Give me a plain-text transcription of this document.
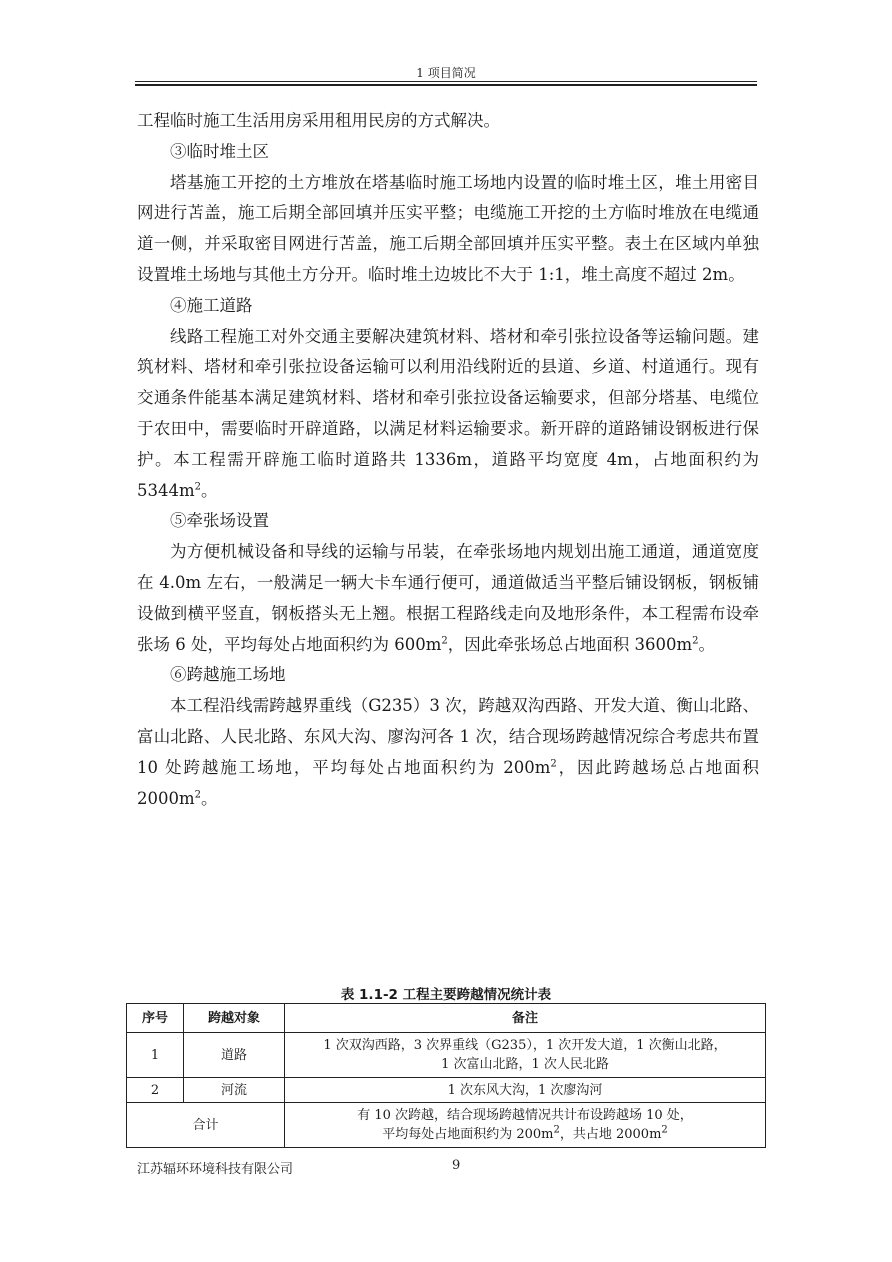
1 项目简况

工程临时施工生活用房采用租用民房的方式解决。

③临时堆土区

塔基施工开挖的土方堆放在塔基临时施工场地内设置的临时堆土区，堆土用密目网进行苫盖，施工后期全部回填并压实平整；电缆施工开挖的土方临时堆放在电缆通道一侧，并采取密目网进行苫盖，施工后期全部回填并压实平整。表土在区域内单独设置堆土场地与其他土方分开。临时堆土边坡比不大于 1:1，堆土高度不超过 2m。

④施工道路

线路工程施工对外交通主要解决建筑材料、塔材和牵引张拉设备等运输问题。建筑材料、塔材和牵引张拉设备运输可以利用沿线附近的县道、乡道、村道通行。现有交通条件能基本满足建筑材料、塔材和牵引张拉设备运输要求，但部分塔基、电缆位于农田中，需要临时开辟道路，以满足材料运输要求。新开辟的道路铺设钢板进行保护。本工程需开辟施工临时道路共 1336m，道路平均宽度 4m，占地面积约为 $5344m^2$。

⑤牵张场设置

为方便机械设备和导线的运输与吊装，在牵张场地内规划出施工通道，通道宽度在 4.0m 左右，一般满足一辆大卡车通行便可，通道做适当平整后铺设钢板，钢板铺设做到横平竖直，钢板搭头无上翘。根据工程路线走向及地形条件，本工程需布设牵张场 6 处，平均每处占地面积约为 $600m^2$，因此牵张场总占地面积 $3600m^2$。

⑥跨越施工场地

本工程沿线需跨越界重线（G235）3 次，跨越双沟西路、开发大道、衡山北路、富山北路、人民北路、东风大沟、廖沟河各 1 次，结合现场跨越情况综合考虑共布置 10 处跨越施工场地，平均每处占地面积约为 $200m^2$，因此跨越场总占地面积 $2000m^2$。

表 1.1-2 工程主要跨越情况统计表
序号	跨越对象	备注
1	道路	1 次双沟西路，3 次界重线（G235），1 次开发大道，1 次衡山北路，
1 次富山北路，1 次人民北路

2	河流	1 次东风大沟，1 次廖沟河
合计		有 10 次跨越，结合现场跨越情况共计布设跨越场 10 处，
平均每处占地面积约为 $200m^2$，共占地 $2000m^2$
江苏辐环环境科技有限公司	9
